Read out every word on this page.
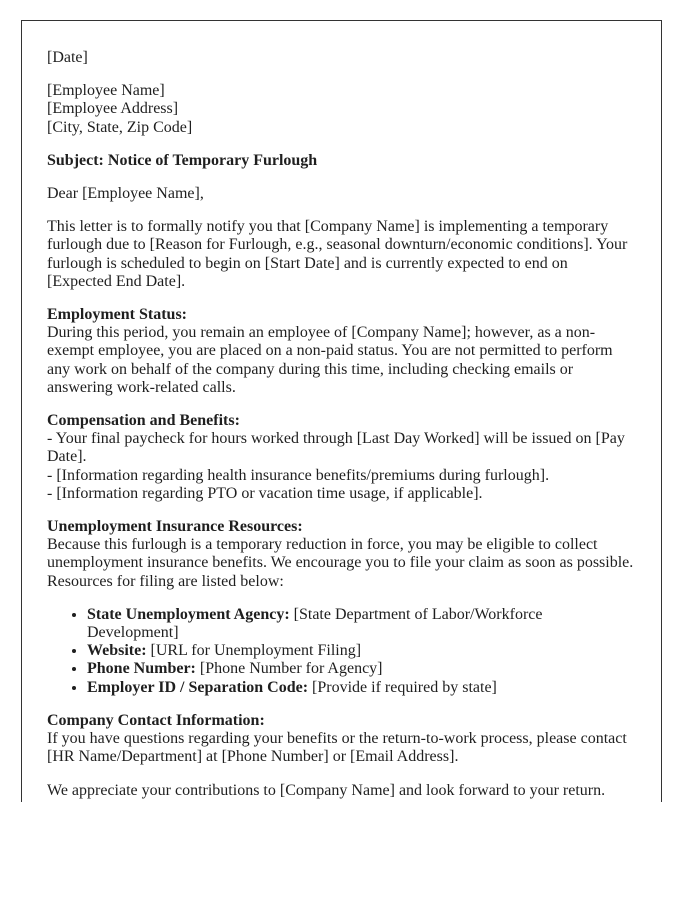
[Date]

[Employee Name]
[Employee Address]
[City, State, Zip Code]

Subject: Notice of Temporary Furlough

Dear [Employee Name],

This letter is to formally notify you that [Company Name] is implementing a temporary furlough due to [Reason for Furlough, e.g., seasonal downturn/economic conditions]. Your furlough is scheduled to begin on [Start Date] and is currently expected to end on [Expected End Date].

Employment Status:
During this period, you remain an employee of [Company Name]; however, as a non-exempt employee, you are placed on a non-paid status. You are not permitted to perform any work on behalf of the company during this time, including checking emails or answering work-related calls.
Compensation and Benefits:
- Your final paycheck for hours worked through [Last Day Worked] will be issued on [Pay Date].
- [Information regarding health insurance benefits/premiums during furlough].
- [Information regarding PTO or vacation time usage, if applicable].
Unemployment Insurance Resources:
Because this furlough is a temporary reduction in force, you may be eligible to collect unemployment insurance benefits. We encourage you to file your claim as soon as possible. Resources for filing are listed below:
• State Unemployment Agency: [State Department of Labor/Workforce Development]
• Website: [URL for Unemployment Filing]
• Phone Number: [Phone Number for Agency]
• Employer ID / Separation Code: [Provide if required by state]
Company Contact Information:
If you have questions regarding your benefits or the return-to-work process, please contact [HR Name/Department] at [Phone Number] or [Email Address].

We appreciate your contributions to [Company Name] and look forward to your return.
